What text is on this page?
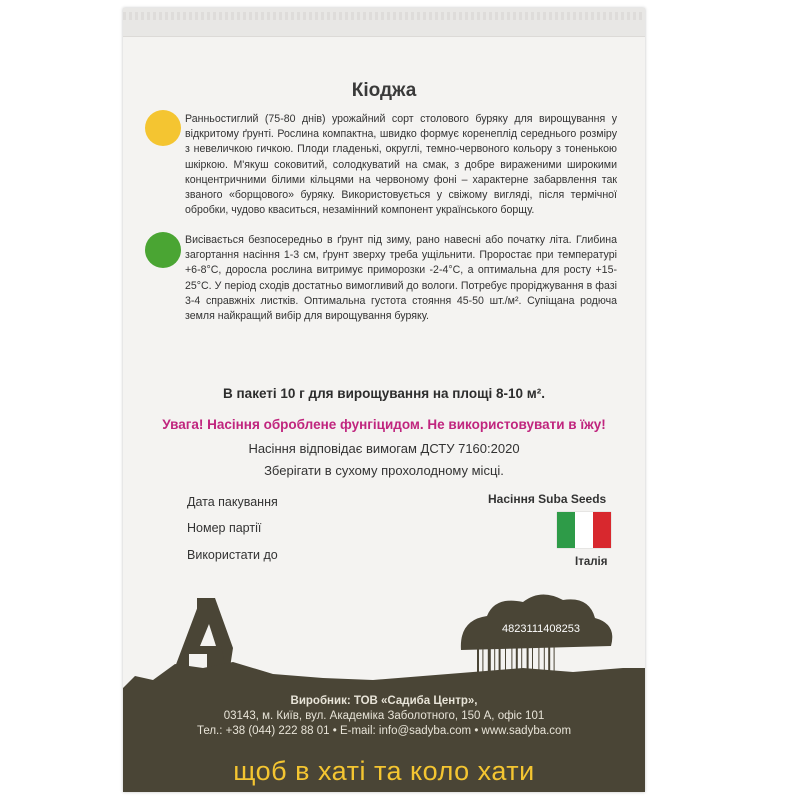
Кіоджа

Ранньостиглий (75-80 днів) урожайний сорт столового буряку для вирощування у відкритому ґрунті. Рослина компактна, швидко формує коренеплід середнього розміру з невеличкою гичкою. Плоди гладенькі, округлі, темно-червоного кольору з тоненькою шкіркою. М'якуш соковитий, солодкуватий на смак, з добре вираженими широкими концентричними білими кільцями на червоному фоні – характерне забарвлення так званого «борщового» буряку. Використовується у свіжому вигляді, після термічної обробки, чудово кваситься, незамінний компонент українського борщу.

Висівається безпосередньо в ґрунт під зиму, рано навесні або початку літа. Глибина загортання насіння 1-3 см, ґрунт зверху треба ущільнити. Проростає при температурі +6-8°С, доросла рослина витримує приморозки -2-4°С, а оптимальна для росту +15-25°С. У період сходів достатньо вимогливий до вологи. Потребує проріджування в фазі 3-4 справжніх листків. Оптимальна густота стояння 45-50 шт./м². Супіщана родюча земля найкращий вибір для вирощування буряку.

В пакеті 10 г для вирощування на площі 8-10 м².

Увага! Насіння оброблене фунгіцидом. Не використовувати в їжу!

Насіння відповідає вимогам ДСТУ 7160:2020

Зберігати в сухому прохолодному місці.

Дата пакування

Номер партії

Використати до

Насіння Suba Seeds

Італія

4823111408253

Виробник: ТОВ «Садиба Центр»,

03143, м. Київ, вул. Академіка Заболотного, 150 А, офіс 101

Тел.: +38 (044) 222 88 01 • E-mail: info@sadyba.com • www.sadyba.com

щоб в хаті та коло хати
